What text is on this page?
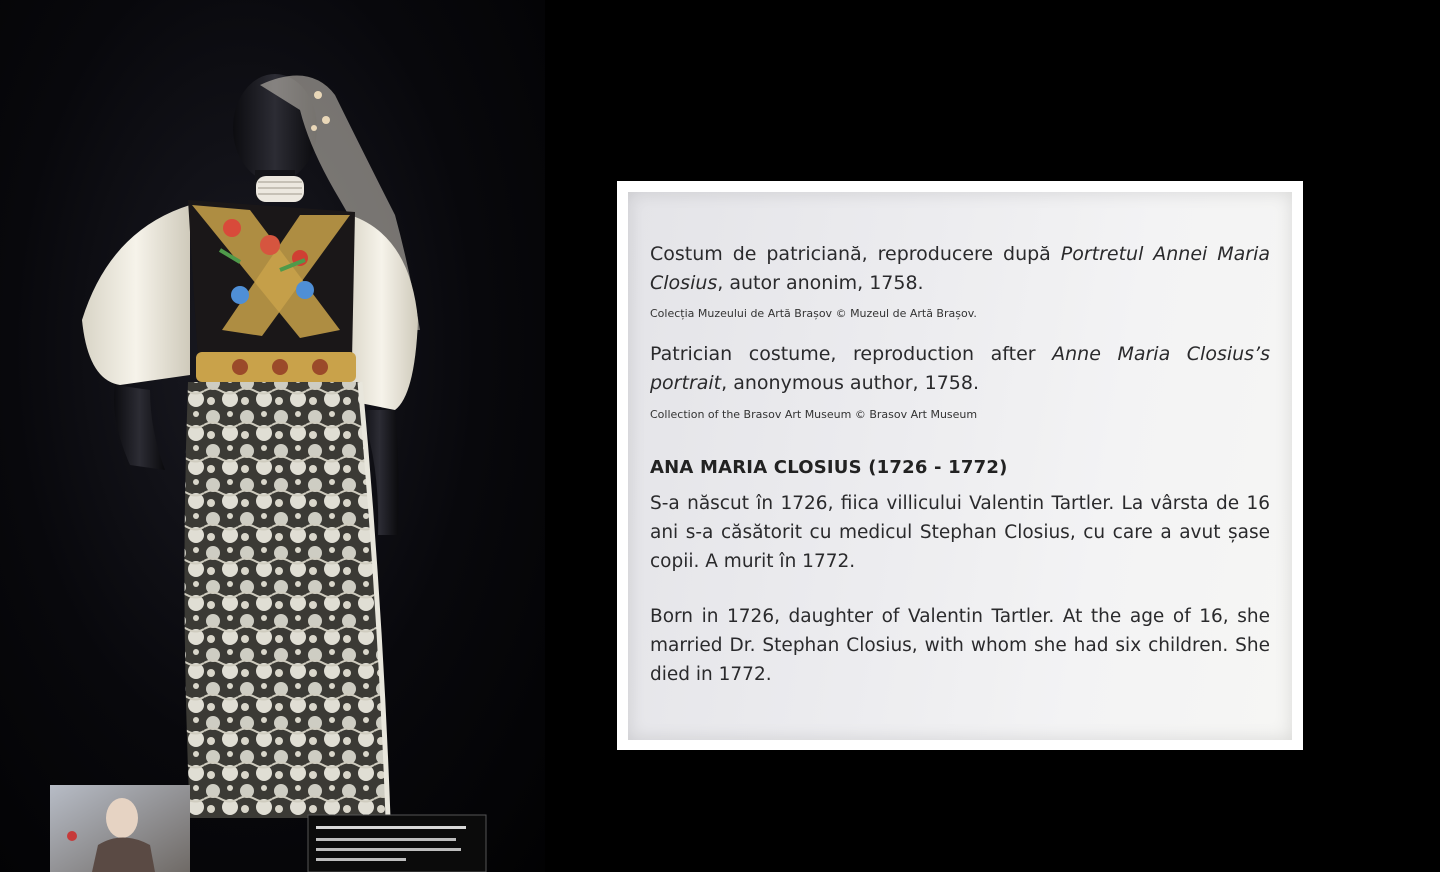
Costum de patriciană, reproducere după Portretul Annei Maria Closius, autor anonim, 1758.
Colecția Muzeului de Artă Brașov © Muzeul de Artă Brașov.
Patrician costume, reproduction after Anne Maria Closius’s portrait, anonymous author, 1758.
Collection of the Brasov Art Museum © Brasov Art Museum
ANA MARIA CLOSIUS (1726 - 1772)
S-a născut în 1726, fiica villicului Valentin Tartler. La vârsta de 16 ani s-a căsătorit cu medicul Stephan Closius, cu care a avut șase copii. A murit în 1772.
Born in 1726, daughter of Valentin Tartler. At the age of 16, she married Dr. Stephan Closius, with whom she had six children. She died in 1772.
